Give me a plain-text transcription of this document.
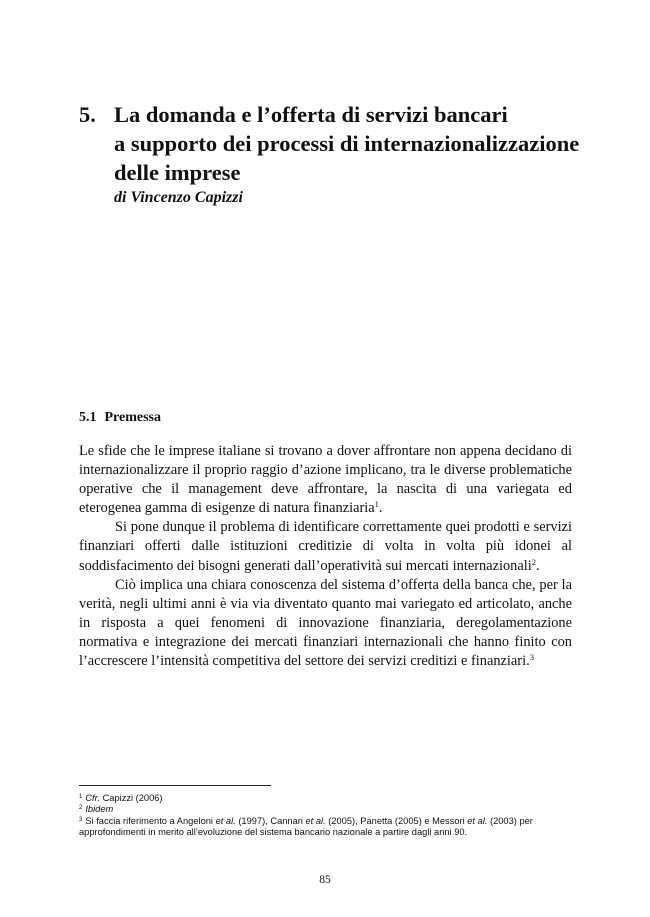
5. La domanda e l’offerta di servizi bancari
a supporto dei processi di internazionalizzazione
delle imprese
di Vincenzo Capizzi
5.1 Premessa

Le sfide che le imprese italiane si trovano a dover affrontare non appena decidano di internazionalizzare il proprio raggio d’azione implicano, tra le diverse problematiche operative che il management deve affrontare, la nascita di una variegata ed eterogenea gamma di esigenze di natura finanziaria$^1$.

Si pone dunque il problema di identificare correttamente quei prodotti e servizi finanziari offerti dalle istituzioni creditizie di volta in volta più idonei al soddisfacimento dei bisogni generati dall’operatività sui mercati internazionali$^2$.

Ciò implica una chiara conoscenza del sistema d’offerta della banca che, per la verità, negli ultimi anni è via via diventato quanto mai variegato ed articolato, anche in risposta a quei fenomeni di innovazione finanziaria, deregolamentazione normativa e integrazione dei mercati finanziari internazionali che hanno finito con l’accrescere l’intensità competitiva del settore dei servizi creditizi e finanziari.$^3$

$^1$ Cfr. Capizzi (2006)

$^2$ Ibidem

$^3$ Si faccia riferimento a Angeloni et al. (1997), Cannari et al. (2005), Panetta (2005) e Messori et al. (2003) per approfondimenti in merito all’evoluzione del sistema bancario nazionale a partire dagli anni 90.

85
